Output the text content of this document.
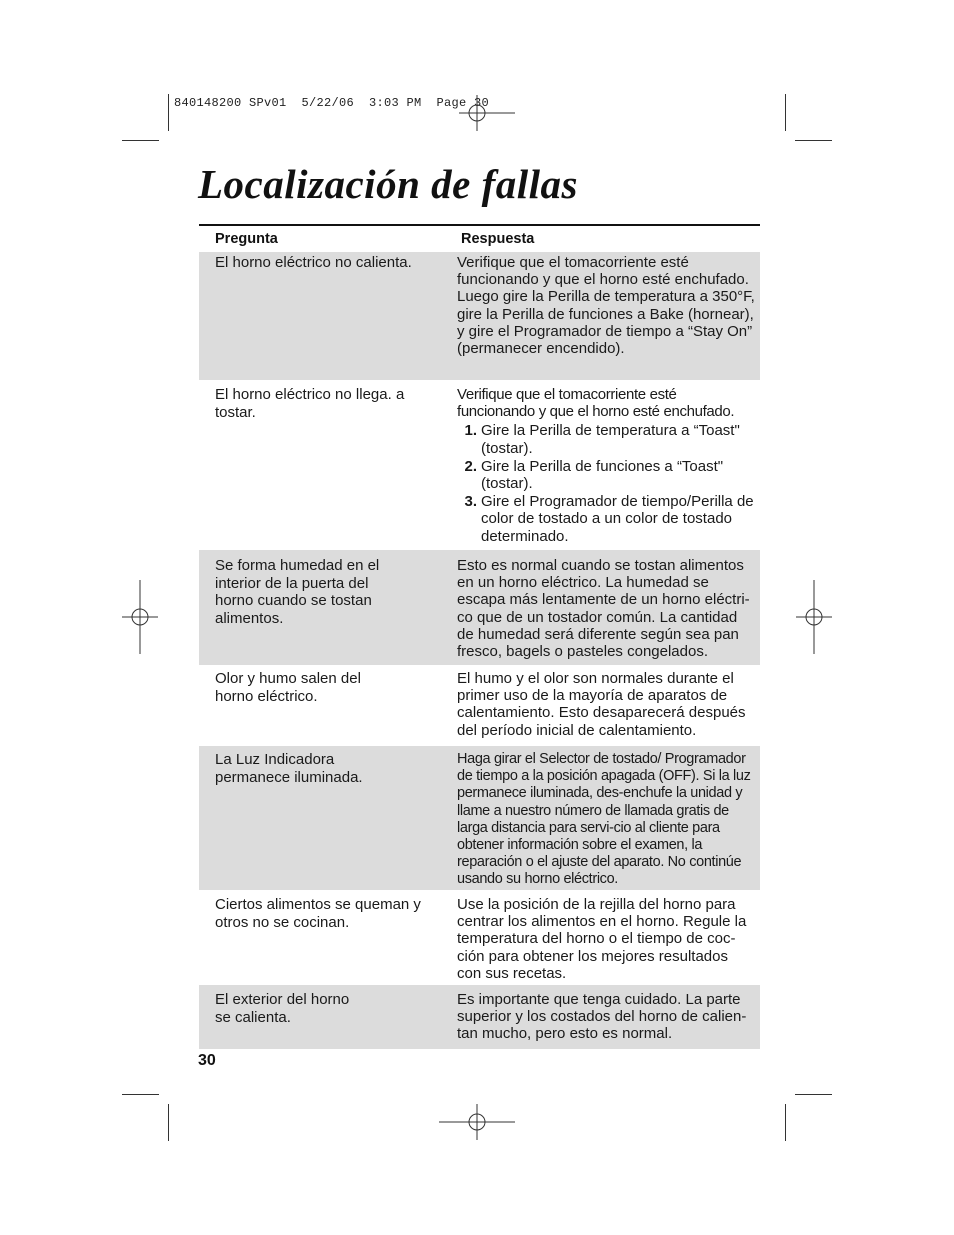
840148200 SPv01  5/22/06  3:03 PM  Page 30
Localización de fallas
Pregunta	Respuesta
El horno eléctrico no calienta.	Verifique que el tomacorriente esté funcionando y que el horno esté enchufado. Luego gire la Perilla de temperatura a 350°F, gire la Perilla de funciones a Bake (hornear), y gire el Programador de tiempo a “Stay On” (permanecer encendido).
El horno eléctrico no llega. a tostar.
Verifique que el tomacorriente esté funcionando y que el horno esté enchufado.
1. Gire la Perilla de temperatura a “Toast" (tostar).
2. Gire la Perilla de funciones a “Toast" (tostar).
3. Gire el Programador de tiempo/Perilla de color de tostado a un color de tostado determinado.
Se forma humedad en el interior de la puerta del horno cuando se tostan alimentos.
Esto es normal cuando se tostan alimentos en un horno eléctrico. La humedad se escapa más lentamente de un horno eléctri-co que de un tostador común. La cantidad de humedad será diferente según sea pan fresco, bagels o pasteles congelados.
Olor y humo salen del horno eléctrico.
El humo y el olor son normales durante el primer uso de la mayoría de aparatos de calentamiento. Esto desaparecerá después del período inicial de calentamiento.
La Luz Indicadora permanece iluminada.
Haga girar el Selector de tostado/ Programador de tiempo a la posición apagada (OFF). Si la luz permanece iluminada, des-enchufe la unidad y llame a nuestro número de llamada gratis de larga distancia para servi-cio al cliente para obtener información sobre el examen, la reparación o el ajuste del aparato. No continúe usando su horno eléctrico.
Ciertos alimentos se queman y otros no se cocinan.
Use la posición de la rejilla del horno para centrar los alimentos en el horno. Regule la temperatura del horno o el tiempo de coc-ción para obtener los mejores resultados con sus recetas.
El exterior del horno se calienta.
Es importante que tenga cuidado. La parte superior y los costados del horno de calien-tan mucho, pero esto es normal.
30
